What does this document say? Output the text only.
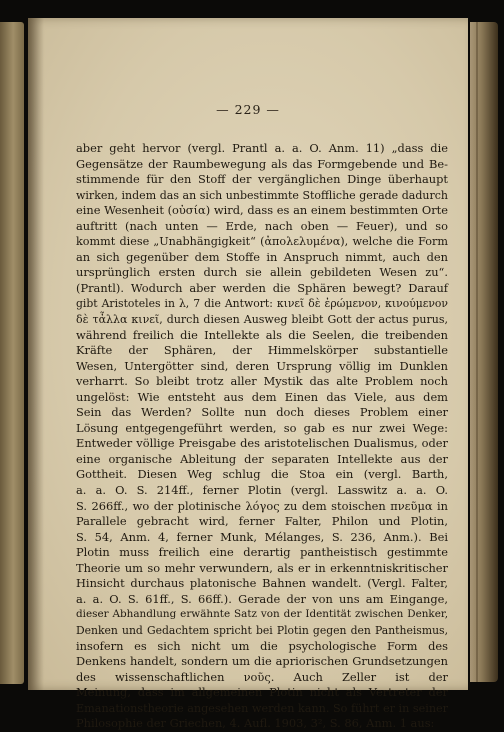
— 229 —
aber geht hervor (vergl. Prantl a. a. O. Anm. 11) „dass die
Gegensätze der Raumbewegung als das Formgebende und Be-
stimmende für den Stoff der vergänglichen Dinge überhaupt
wirken, indem das an sich unbestimmte Stoffliche gerade dadurch
eine Wesenheit (οὐσία) wird, dass es an einem bestimmten Orte
auftritt (nach unten — Erde, nach oben — Feuer), und so
kommt diese „Unabhängigkeit“ (ἀπολελυμένα), welche die Form
an sich gegenüber dem Stoffe in Anspruch nimmt, auch den
ursprünglich ersten durch sie allein gebildeten Wesen zu“.
(Prantl). Wodurch aber werden die Sphären bewegt? Darauf
gibt Aristoteles in λ, 7 die Antwort: κινεῖ δὲ ἐρώμενον, κινούμενον
δὲ τἆλλα κινεῖ, durch diesen Ausweg bleibt Gott der actus purus,
während freilich die Intellekte als die Seelen, die treibenden
Kräfte der Sphären, der Himmelskörper substantielle
Wesen, Untergötter sind, deren Ursprung völlig im Dunklen
verharrt. So bleibt trotz aller Mystik das alte Problem noch
ungelöst: Wie entsteht aus dem Einen das Viele, aus dem
Sein das Werden? Sollte nun doch dieses Problem einer
Lösung entgegengeführt werden, so gab es nur zwei Wege:
Entweder völlige Preisgabe des aristotelischen Dualismus, oder
eine organische Ableitung der separaten Intellekte aus der
Gottheit. Diesen Weg schlug die Stoa ein (vergl. Barth,
a. a. O. S. 214ff., ferner Plotin (vergl. Lasswitz a. a. O.
S. 266ff., wo der plotinische λόγος zu dem stoischen πνεῦμα in
Parallele gebracht wird, ferner Falter, Philon und Plotin,
S. 54, Anm. 4, ferner Munk, Mélanges, S. 236, Anm.). Bei
Plotin muss freilich eine derartig pantheistisch gestimmte
Theorie um so mehr verwundern, als er in erkenntniskritischer
Hinsicht durchaus platonische Bahnen wandelt. (Vergl. Falter,
a. a. O. S. 61ff., S. 66ff.). Gerade der von uns am Eingange,
dieser Abhandlung erwähnte Satz von der Identität zwischen Denker,
Denken und Gedachtem spricht bei Plotin gegen den Pantheismus,
insofern es sich nicht um die psychologische Form des
Denkens handelt, sondern um die apriorischen Grundsetzungen
des wissenschaftlichen νοῦς. Auch Zeller ist der
Meinung, dass im allgemeinen Plotin nicht als Vertreter der
Emanationstheorie angesehen werden kann. So führt er in seiner
Philosophie der Griechen, 4. Aufl. 1903, 3², S. 86, Anm. 1 aus:
